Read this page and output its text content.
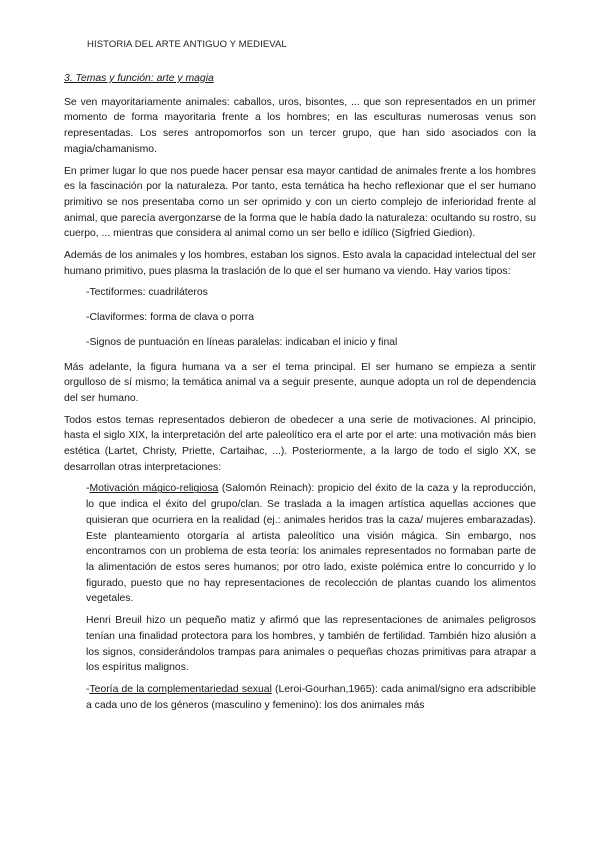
HISTORIA DEL ARTE ANTIGUO Y MEDIEVAL
3. Temas y función: arte y magia

Se ven mayoritariamente animales: caballos, uros, bisontes, ... que son representados en un primer momento de forma mayoritaria frente a los hombres; en las esculturas numerosas venus son representadas. Los seres antropomorfos son un tercer grupo, que han sido asociados con la magia/chamanismo.

En primer lugar lo que nos puede hacer pensar esa mayor cantidad de animales frente a los hombres es la fascinación por la naturaleza. Por tanto, esta temática ha hecho reflexionar que el ser humano primitivo se nos presentaba como un ser oprimido y con un cierto complejo de inferioridad frente al animal, que parecía avergonzarse de la forma que le había dado la naturaleza: ocultando su rostro, su cuerpo, ... mientras que considera al animal como un ser bello e idílico (Sigfried Giedion).

Además de los animales y los hombres, estaban los signos. Esto avala la capacidad intelectual del ser humano primitivo, pues plasma la traslación de lo que el ser humano va viendo. Hay varios tipos:

-Tectiformes: cuadriláteros
-Claviformes: forma de clava o porra
-Signos de puntuación en líneas paralelas: indicaban el inicio y final

Más adelante, la figura humana va a ser el tema principal. El ser humano se empieza a sentir orgulloso de sí mismo; la temática animal va a seguir presente, aunque adopta un rol de dependencia del ser humano.

Todos estos temas representados debieron de obedecer a una serie de motivaciones. Al principio, hasta el siglo XIX, la interpretación del arte paleolítico era el arte por el arte: una motivación más bien estética (Lartet, Christy, Priette, Cartaihac, ...). Posteriormente, a la largo de todo el siglo XX, se desarrollan otras interpretaciones:

-Motivación mágico-religiosa (Salomón Reinach): propicio del éxito de la caza y la reproducción, lo que indica el éxito del grupo/clan. Se traslada a la imagen artística aquellas acciones que quisieran que ocurriera en la realidad (ej.: animales heridos tras la caza/ mujeres embarazadas). Este planteamiento otorgaría al artista paleolítico una visión mágica. Sin embargo, nos encontramos con un problema de esta teoría: los animales representados no formaban parte de la alimentación de estos seres humanos; por otro lado, existe polémica entre lo concurrido y lo figurado, puesto que no hay representaciones de recolección de plantas cuando los alimentos vegetales.

Henri Breuil hizo un pequeño matiz y afirmó que las representaciones de animales peligrosos tenían una finalidad protectora para los hombres, y también de fertilidad. También hizo alusión a los signos, considerándolos trampas para animales o pequeñas chozas primitivas para atrapar a los espíritus malignos.

-Teoría de la complementariedad sexual (Leroi-Gourhan,1965): cada animal/signo era adscribible a cada uno de los géneros (masculino y femenino): los dos animales más
